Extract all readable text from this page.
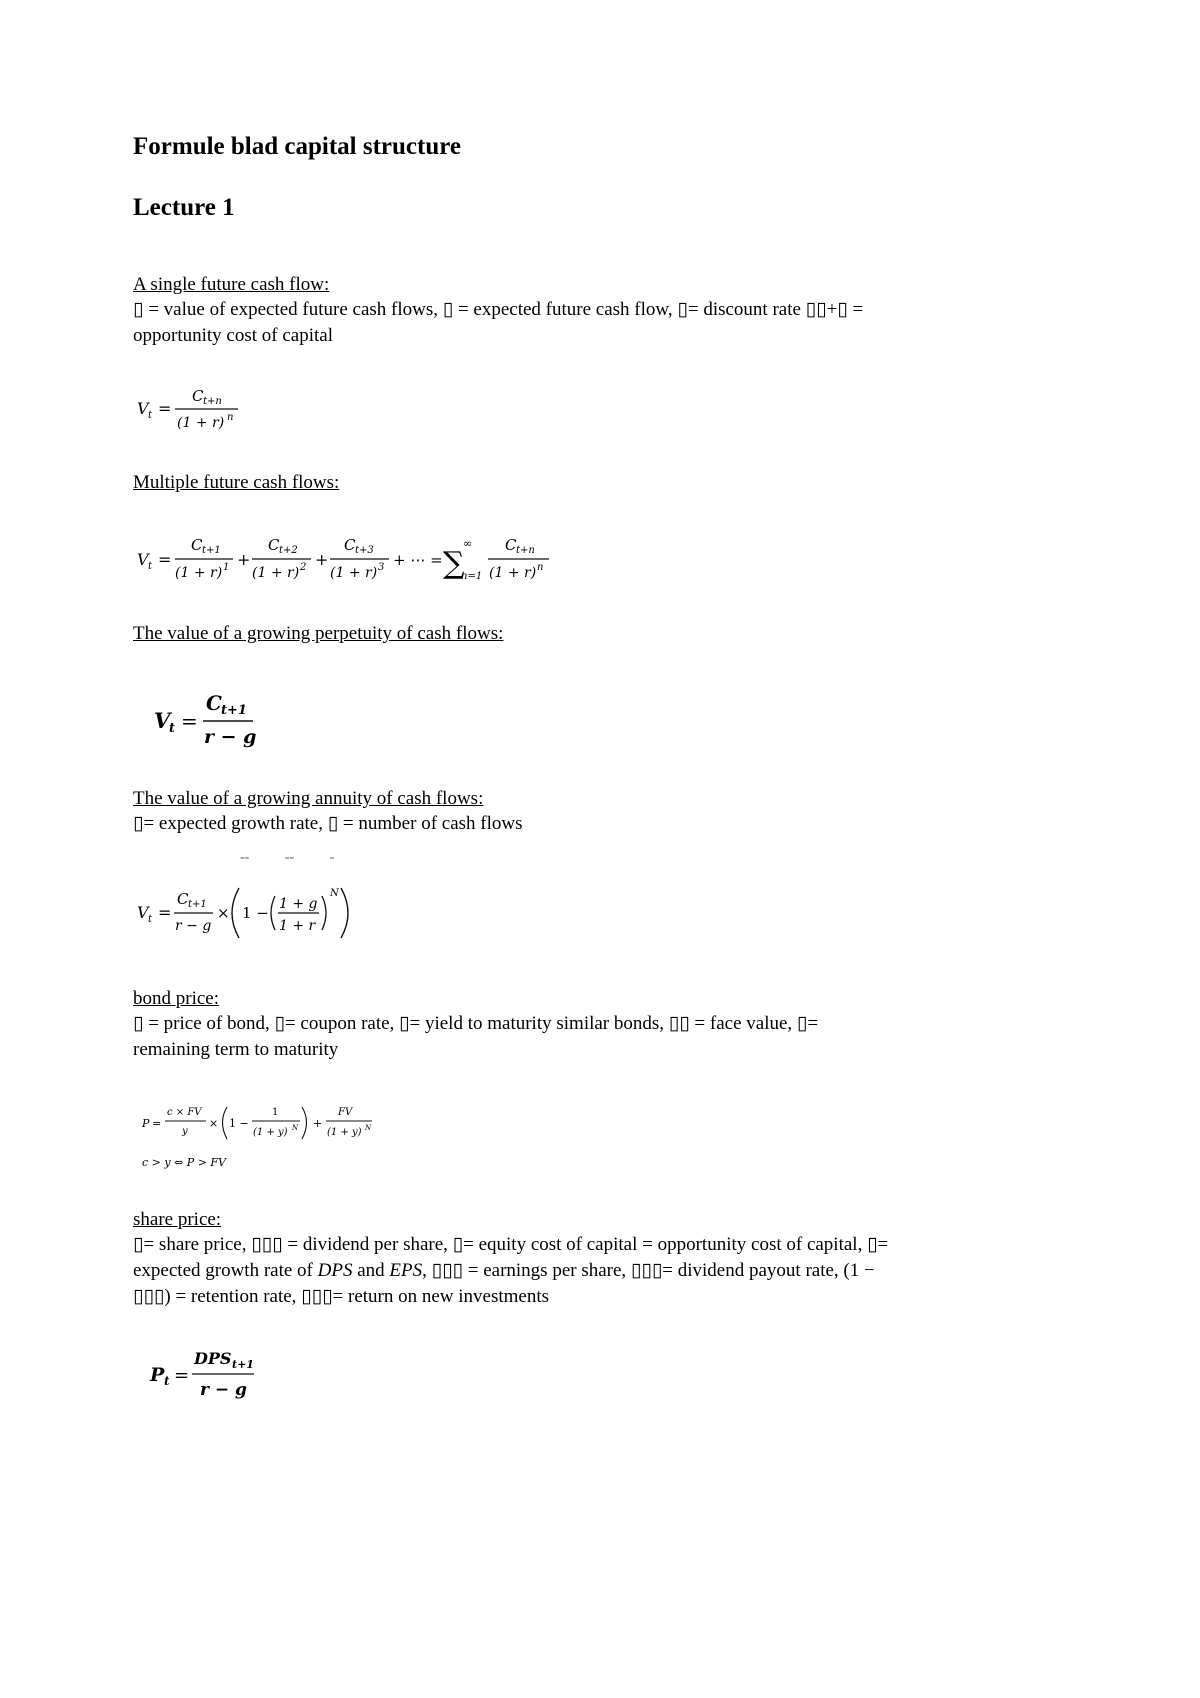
Formule blad capital structure
Lecture 1
A single future cash flow:
▯ = value of expected future cash flows, ▯ = expected future cash flow, ▯= discount rate ▯▯+▯ =
opportunity cost of capital
V t =
C t+n
(1 + r) n
Multiple future cash flows:
V t =
C t+1
(1 + r) 1 +
C t+2
(1 + r) 2 +
C t+3
(1 + r) 3 + ⋯ = ∑
∞
n=1
C t+n
(1 + r) n
The value of a growing perpetuity of cash flows:
V
t =
C t+1
r − g
The value of a growing annuity of cash flows:
▯= expected growth rate, ▯ = number of cash flows
-- -- -
V t =
C t+1
r − g
× 1 − 1 + g
1 + r
N
bond price:
▯ = price of bond, ▯= coupon rate, ▯= yield to maturity similar bonds, ▯▯ = face value, ▯=
remaining term to maturity
P =
c × FV
y
× 1 −
1
(1 + y) N +
FV
(1 + y) N
c > y ⇔ P > FV
share price:
▯= share price, ▯▯▯ = dividend per share, ▯= equity cost of capital = opportunity cost of capital, ▯=
expected growth rate of DPS and EPS, ▯▯▯ = earnings per share, ▯▯▯= dividend payout rate, (1 −
▯▯▯) = retention rate, ▯▯▯= return on new investments
P t =
DPS t+1
r − g
